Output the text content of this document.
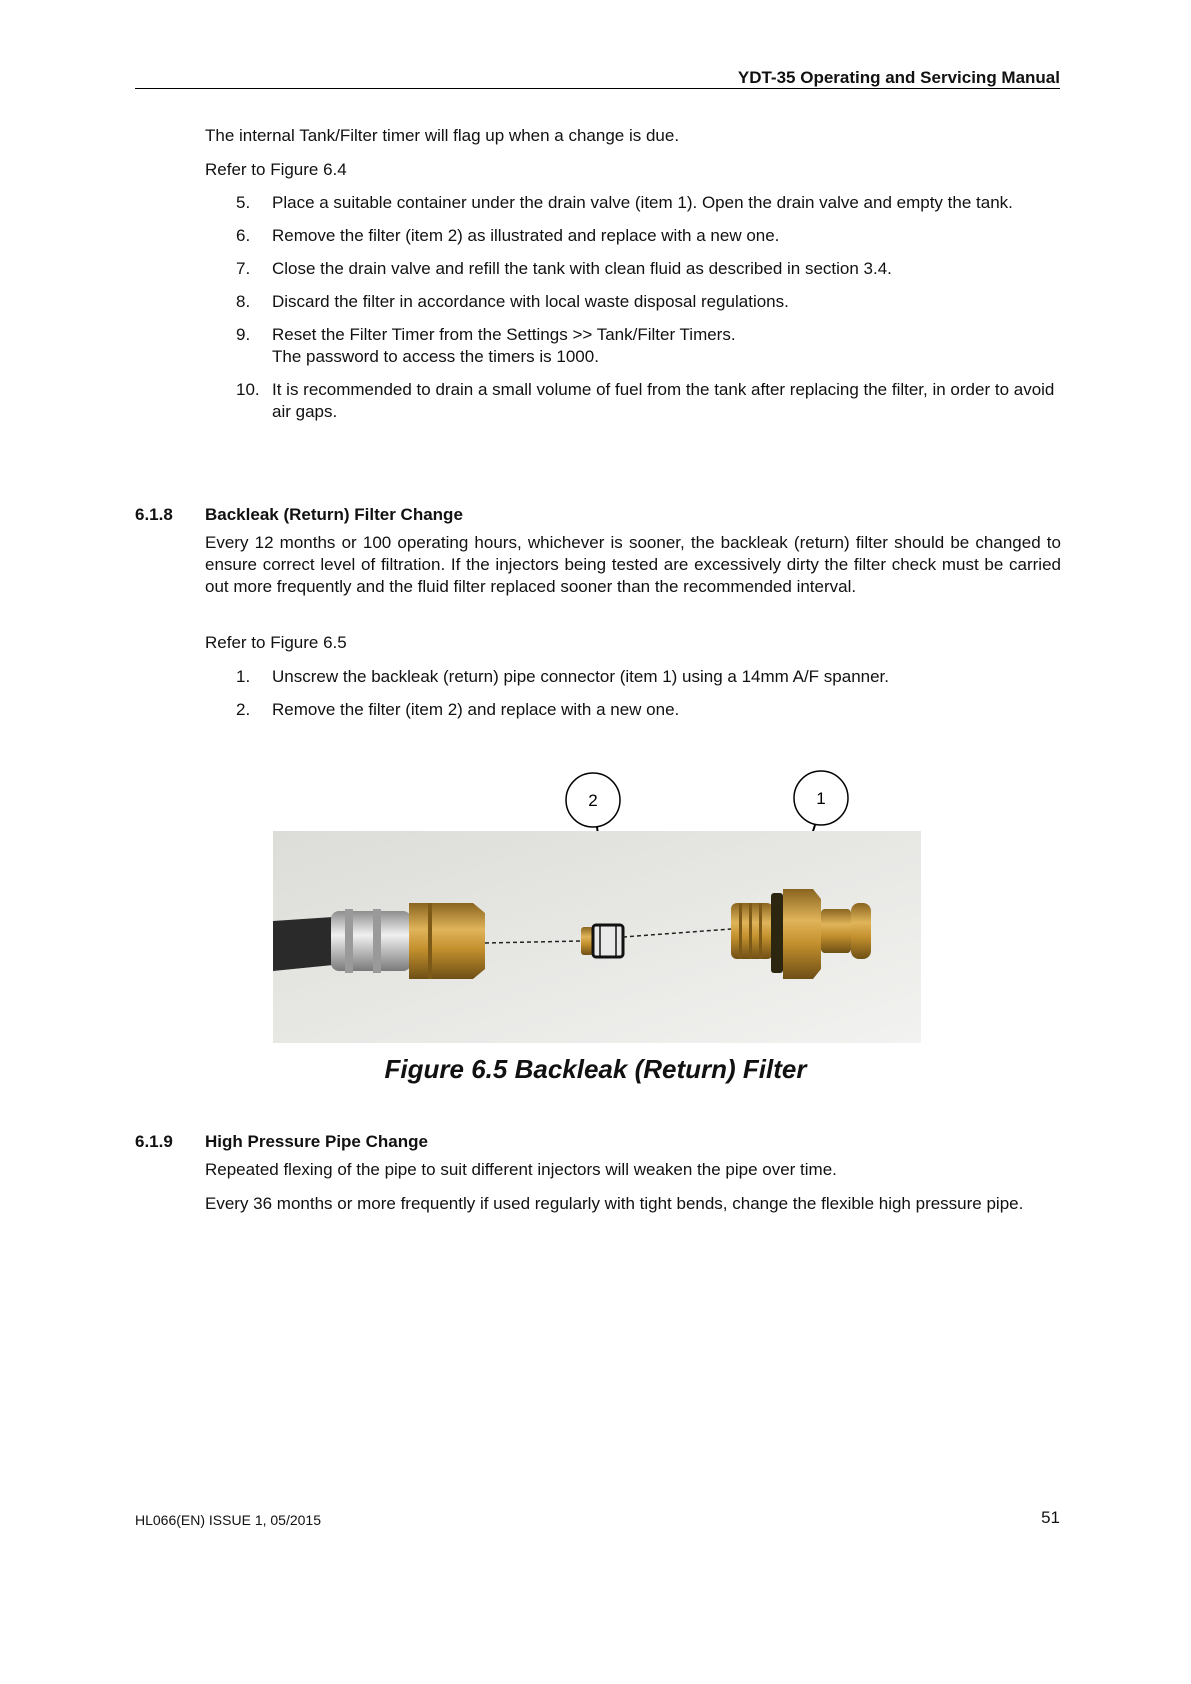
YDT-35 Operating and Servicing Manual
The internal Tank/Filter timer will flag up when a change is due.
Refer to Figure 6.4
5. Place a suitable container under the drain valve (item 1). Open the drain valve and empty the tank.
6. Remove the filter (item 2) as illustrated and replace with a new one.
7. Close the drain valve and refill the tank with clean fluid as described in section 3.4.
8. Discard the filter in accordance with local waste disposal regulations.
9. Reset the Filter Timer from the Settings >> Tank/Filter Timers.
The password to access the timers is 1000.
10. It is recommended to drain a small volume of fuel from the tank after replacing the filter, in order to avoid air gaps.
6.1.8 Backleak (Return) Filter Change
Every 12 months or 100 operating hours, whichever is sooner, the backleak (return) filter should be changed to ensure correct level of filtration. If the injectors being tested are excessively dirty the filter check must be carried out more frequently and the fluid filter replaced sooner than the recommended interval.
Refer to Figure 6.5
1. Unscrew the backleak (return) pipe connector (item 1) using a 14mm A/F spanner.
2. Remove the filter (item 2) and replace with a new one.
2	1
Figure 6.5 Backleak (Return) Filter
6.1.9 High Pressure Pipe Change
Repeated flexing of the pipe to suit different injectors will weaken the pipe over time.
Every 36 months or more frequently if used regularly with tight bends, change the flexible high pressure pipe.
HL066(EN) ISSUE 1, 05/2015	51
